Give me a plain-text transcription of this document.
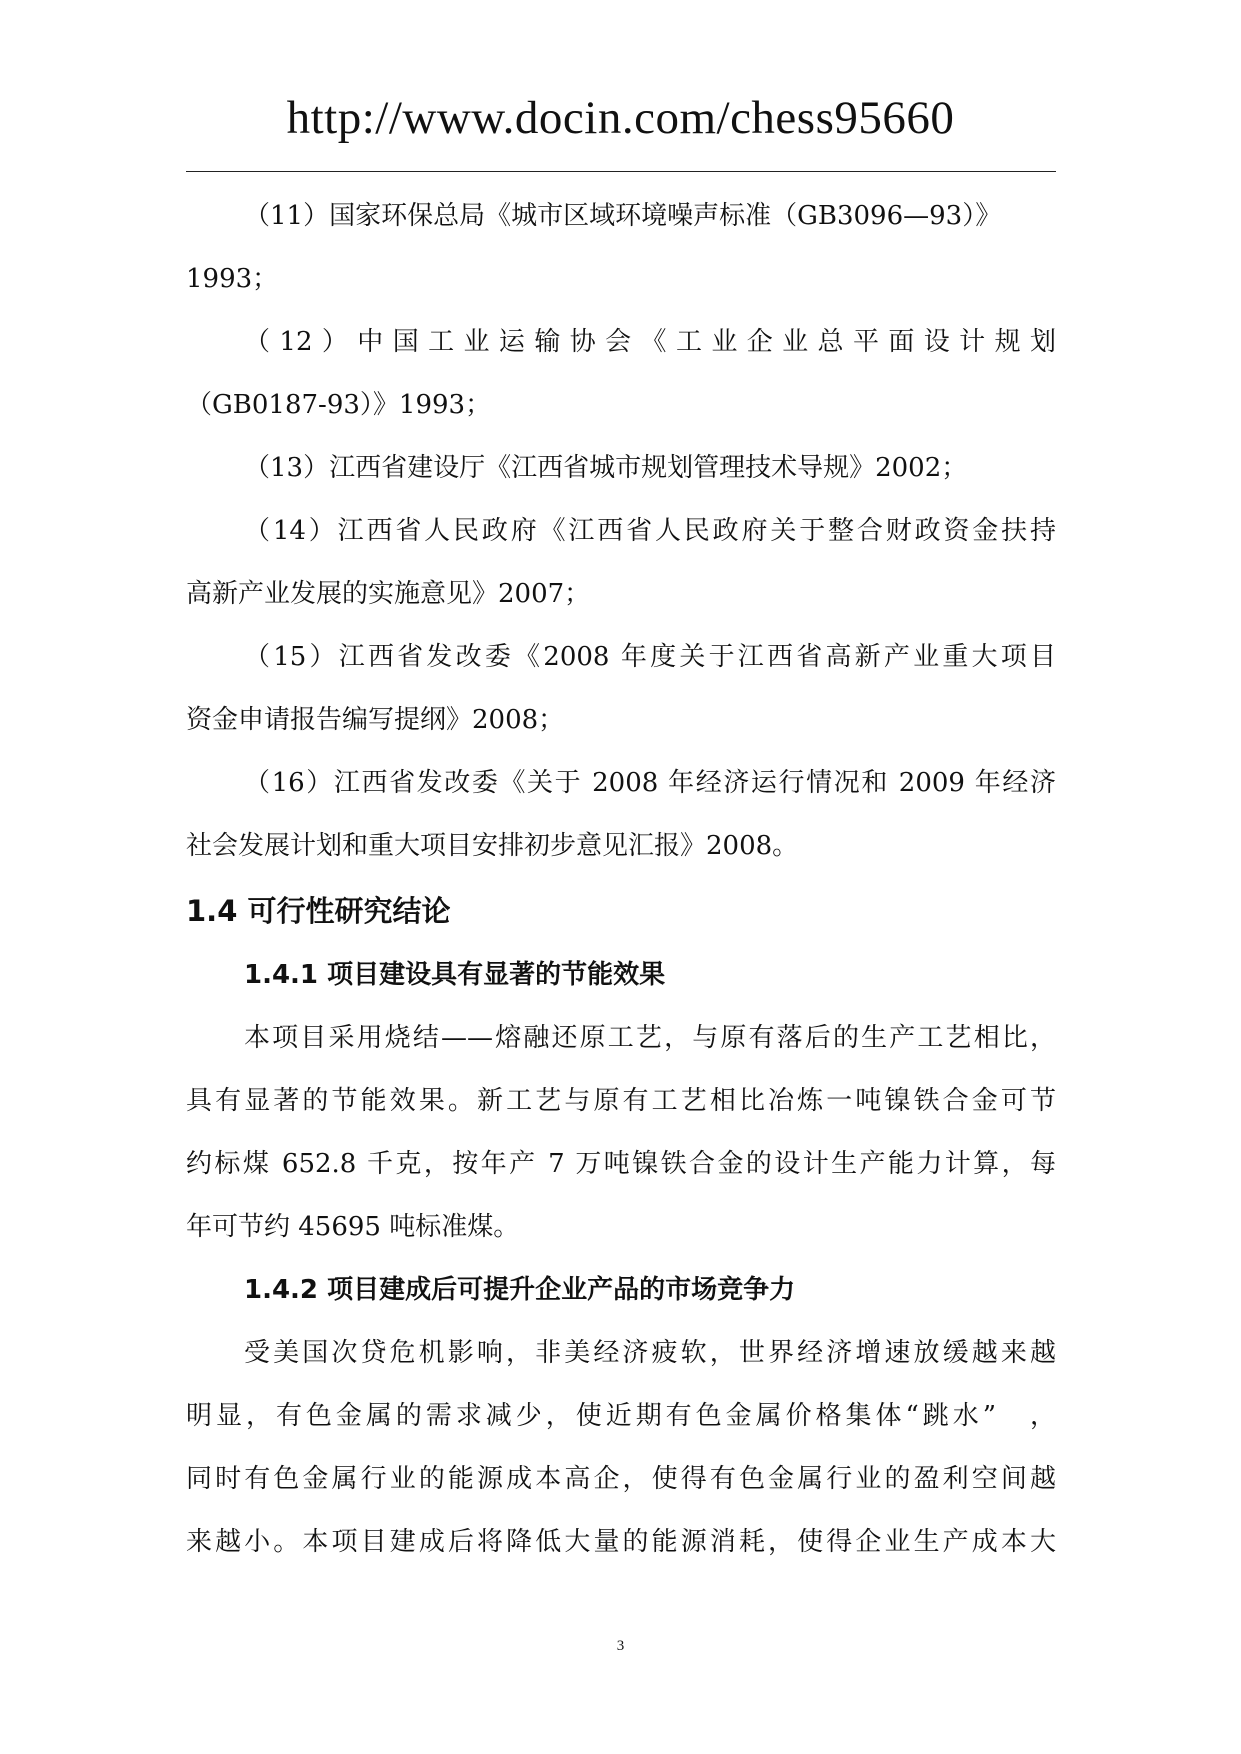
http://www.docin.com/chess95660
（11）国家环保总局《城市区域环境噪声标准（GB3096—93）》
1993；
（12）中国工业运输协会《工业企业总平面设计规划
（GB0187-93）》1993；
（13）江西省建设厅《江西省城市规划管理技术导规》2002；
（14）江西省人民政府《江西省人民政府关于整合财政资金扶持
高新产业发展的实施意见》2007；
（15）江西省发改委《2008 年度关于江西省高新产业重大项目
资金申请报告编写提纲》2008；
（16）江西省发改委《关于 2008 年经济运行情况和 2009 年经济
社会发展计划和重大项目安排初步意见汇报》2008。
1.4 可行性研究结论
1.4.1 项目建设具有显著的节能效果
本项目采用烧结——熔融还原工艺，与原有落后的生产工艺相比，
具有显著的节能效果。新工艺与原有工艺相比冶炼一吨镍铁合金可节
约标煤 652.8 千克，按年产 7 万吨镍铁合金的设计生产能力计算，每
年可节约 45695 吨标准煤。
1.4.2 项目建成后可提升企业产品的市场竞争力
受美国次贷危机影响，非美经济疲软，世界经济增速放缓越来越
明显，有色金属的需求减少，使近期有色金属价格集体“跳水”　，
同时有色金属行业的能源成本高企，使得有色金属行业的盈利空间越
来越小。本项目建成后将降低大量的能源消耗，使得企业生产成本大
3
